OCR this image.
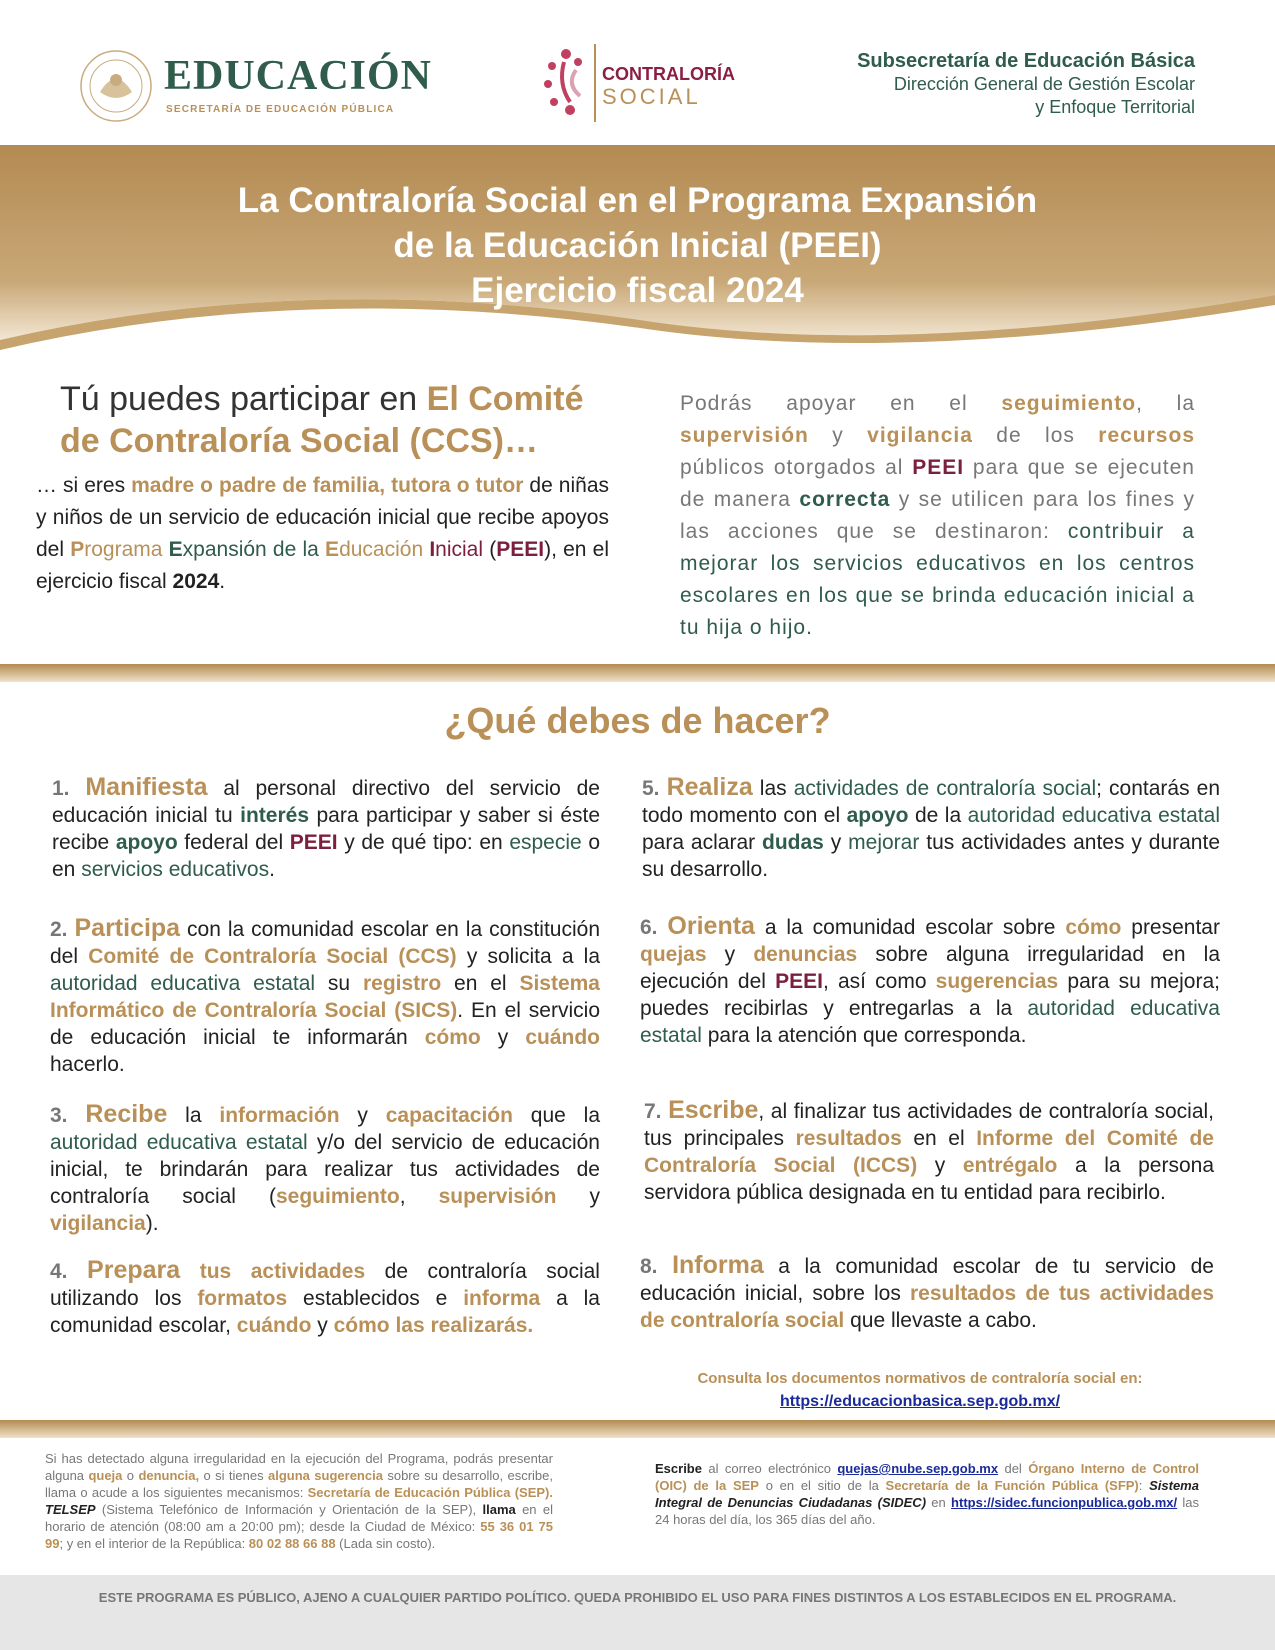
EDUCACIÓN
SECRETARÍA DE EDUCACIÓN PÚBLICA
CONTRALORÍA
SOCIAL
Subsecretaría de Educación Básica
Dirección General de Gestión Escolar
y Enfoque Territorial
La Contraloría Social en el Programa Expansión
de la Educación Inicial (PEEI)
Ejercicio fiscal 2024
Tú puedes participar en El Comité de Contraloría Social (CCS)…
… si eres madre o padre de familia, tutora o tutor de niñas y niños de un servicio de educación inicial que recibe apoyos del Programa Expansión de la Educación Inicial (PEEI), en el ejercicio fiscal 2024.
Podrás apoyar en el seguimiento, la supervisión y vigilancia de los recursos públicos otorgados al PEEI para que se ejecuten de manera correcta y se utilicen para los fines y las acciones que se destinaron: contribuir a mejorar los servicios educativos en los centros escolares en los que se brinda educación inicial a tu hija o hijo.
¿Qué debes de hacer?
1. Manifiesta al personal directivo del servicio de educación inicial tu interés para participar y saber si éste recibe apoyo federal del PEEI y de qué tipo: en especie o en servicios educativos.
2. Participa con la comunidad escolar en la constitución del Comité de Contraloría Social (CCS) y solicita a la autoridad educativa estatal su registro en el Sistema Informático de Contraloría Social (SICS). En el servicio de educación inicial te informarán cómo y cuándo hacerlo.
3. Recibe la información y capacitación que la autoridad educativa estatal y/o del servicio de educación inicial, te brindarán para realizar tus actividades de contraloría social (seguimiento, supervisión y vigilancia).
4. Prepara tus actividades de contraloría social utilizando los formatos establecidos e informa a la comunidad escolar, cuándo y cómo las realizarás.
5. Realiza las actividades de contraloría social; contarás en todo momento con el apoyo de la autoridad educativa estatal para aclarar dudas y mejorar tus actividades antes y durante su desarrollo.
6. Orienta a la comunidad escolar sobre cómo presentar quejas y denuncias sobre alguna irregularidad en la ejecución del PEEI, así como sugerencias para su mejora; puedes recibirlas y entregarlas a la autoridad educativa estatal para la atención que corresponda.
7. Escribe, al finalizar tus actividades de contraloría social, tus principales resultados en el Informe del Comité de Contraloría Social (ICCS) y entrégalo a la persona servidora pública designada en tu entidad para recibirlo.
8. Informa a la comunidad escolar de tu servicio de educación inicial, sobre los resultados de tus actividades de contraloría social que llevaste a cabo.
Consulta los documentos normativos de contraloría social en:
https://educacionbasica.sep.gob.mx/
Si has detectado alguna irregularidad en la ejecución del Programa, podrás presentar alguna queja o denuncia, o si tienes alguna sugerencia sobre su desarrollo, escribe, llama o acude a los siguientes mecanismos: Secretaría de Educación Pública (SEP). TELSEP (Sistema Telefónico de Información y Orientación de la SEP), llama en el horario de atención (08:00 am a 20:00 pm); desde la Ciudad de México: 55 36 01 75 99; y en el interior de la República: 80 02 88 66 88 (Lada sin costo).
Escribe al correo electrónico quejas@nube.sep.gob.mx del Órgano Interno de Control (OIC) de la SEP o en el sitio de la Secretaría de la Función Pública (SFP): Sistema Integral de Denuncias Ciudadanas (SIDEC) en https://sidec.funcionpublica.gob.mx/ las 24 horas del día, los 365 días del año.
ESTE PROGRAMA ES PÚBLICO, AJENO A CUALQUIER PARTIDO POLÍTICO. QUEDA PROHIBIDO EL USO PARA FINES DISTINTOS A LOS ESTABLECIDOS EN EL PROGRAMA.
